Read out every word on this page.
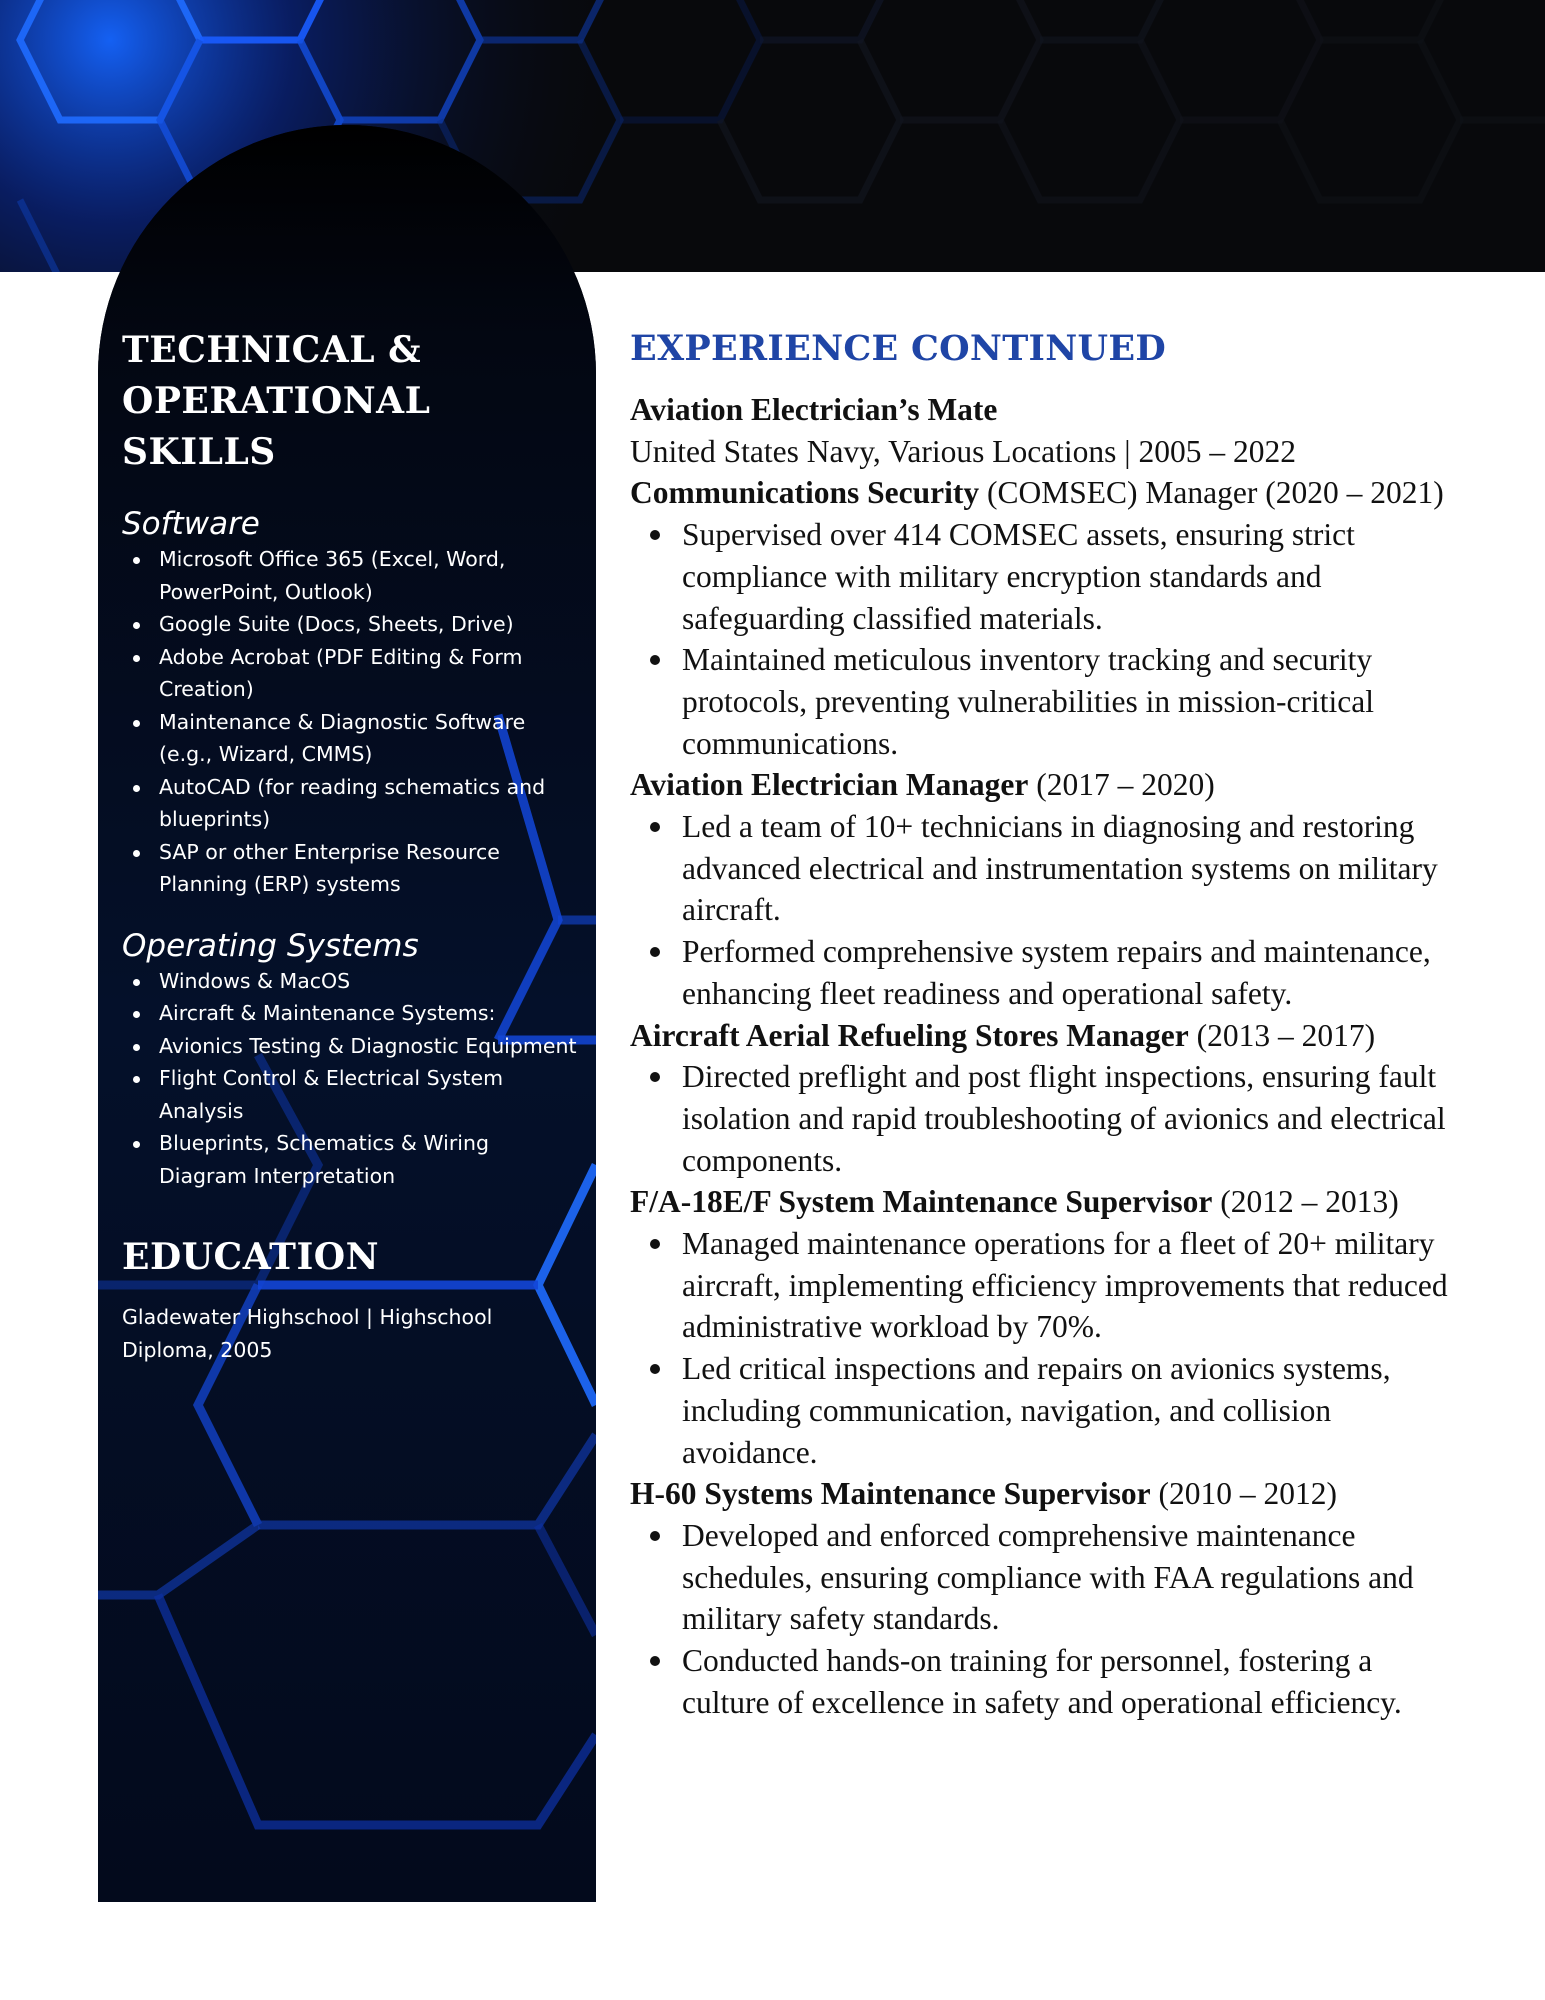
TECHNICAL &
OPERATIONAL SKILLS
Software
Microsoft Office 365 (Excel, Word, PowerPoint, Outlook)
Google Suite (Docs, Sheets, Drive)
Adobe Acrobat (PDF Editing & Form Creation)
Maintenance & Diagnostic Software (e.g., Wizard, CMMS)
AutoCAD (for reading schematics and blueprints)
SAP or other Enterprise Resource Planning (ERP) systems
Operating Systems
Windows & MacOS
Aircraft & Maintenance Systems:
Avionics Testing & Diagnostic Equipment
Flight Control & Electrical System Analysis
Blueprints, Schematics & Wiring Diagram Interpretation
EDUCATION

Gladewater Highschool | Highschool Diploma, 2005

EXPERIENCE CONTINUED

Aviation Electrician’s Mate

United States Navy, Various Locations | 2005 – 2022

Communications Security (COMSEC) Manager (2020 – 2021)

Supervised over 414 COMSEC assets, ensuring strict compliance with military encryption standards and safeguarding classified materials.
Maintained meticulous inventory tracking and security protocols, preventing vulnerabilities in mission-critical communications.

Aviation Electrician Manager (2017 – 2020)

Led a team of 10+ technicians in diagnosing and restoring advanced electrical and instrumentation systems on military aircraft.
Performed comprehensive system repairs and maintenance, enhancing fleet readiness and operational safety.

Aircraft Aerial Refueling Stores Manager (2013 – 2017)

Directed preflight and post flight inspections, ensuring fault isolation and rapid troubleshooting of avionics and electrical components.

F/A-18E/F System Maintenance Supervisor (2012 – 2013)

Managed maintenance operations for a fleet of 20+ military aircraft, implementing efficiency improvements that reduced administrative workload by 70%.
Led critical inspections and repairs on avionics systems, including communication, navigation, and collision avoidance.

H-60 Systems Maintenance Supervisor (2010 – 2012)

Developed and enforced comprehensive maintenance schedules, ensuring compliance with FAA regulations and military safety standards.
Conducted hands-on training for personnel, fostering a culture of excellence in safety and operational efficiency.
